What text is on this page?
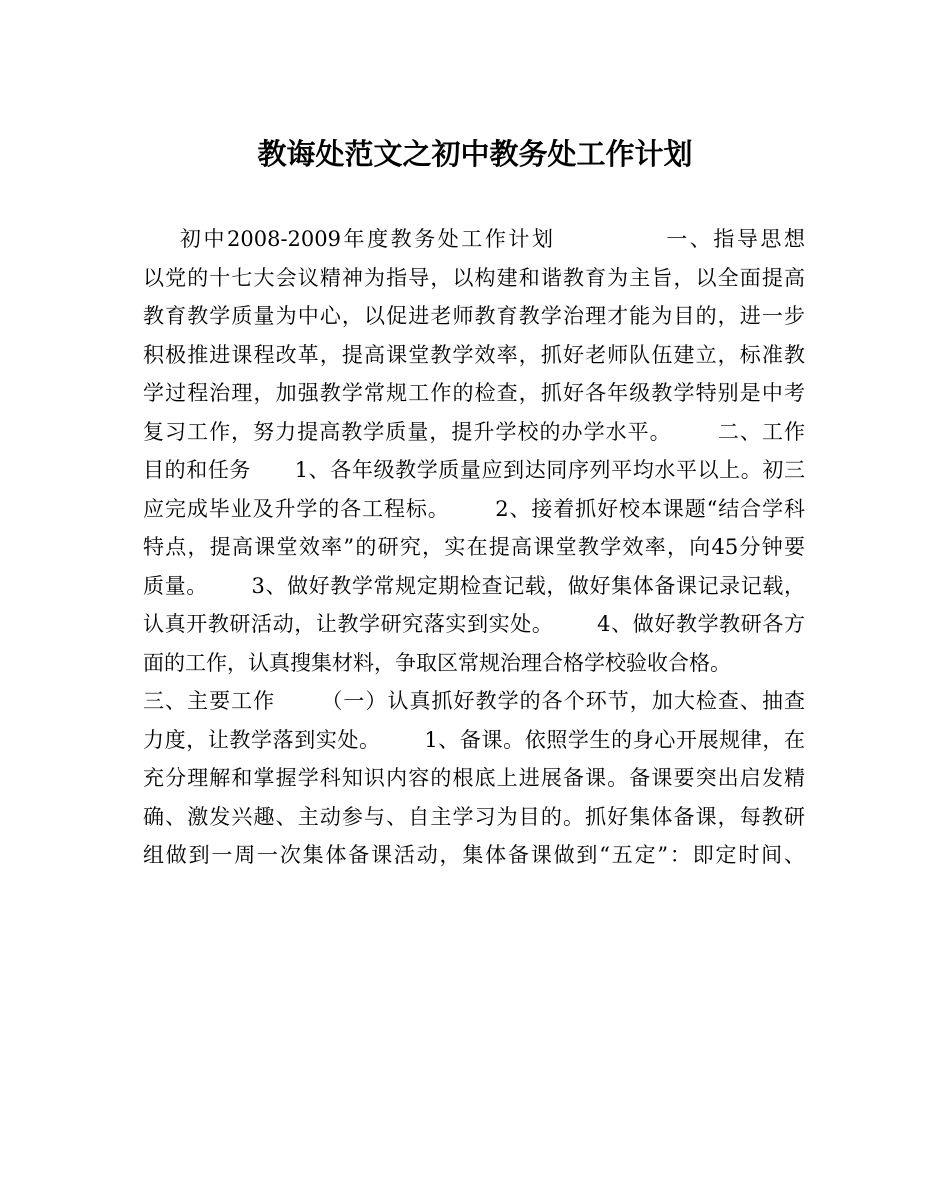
教诲处范文之初中教务处工作计划
初中2008-2009年度教务处工作计划            一、指导思想
以党的十七大会议精神为指导，以构建和谐教育为主旨，以全面提高
教育教学质量为中心，以促进老师教育教学治理才能为目的，进一步
积极推进课程改革，提高课堂教学效率，抓好老师队伍建立，标准教
学过程治理，加强教学常规工作的检查，抓好各年级教学特别是中考
复习工作，努力提高教学质量，提升学校的办学水平。      二、工作
目的和任务      1、各年级教学质量应到达同序列平均水平以上。初三
应完成毕业及升学的各工程标。      2、接着抓好校本课题“结合学科
特点，提高课堂效率”的研究，实在提高课堂教学效率，向45分钟要
质量。      3、做好教学常规定期检查记载，做好集体备课记录记载，
认真开教研活动，让教学研究落实到实处。      4、做好教学教研各方
面的工作，认真搜集材料，争取区常规治理合格学校验收合格。
三、主要工作      （一）认真抓好教学的各个环节，加大检查、抽查
力度，让教学落到实处。      1、备课。依照学生的身心开展规律，在
充分理解和掌握学科知识内容的根底上进展备课。备课要突出启发精
确、激发兴趣、主动参与、自主学习为目的。抓好集体备课，每教研
组做到一周一次集体备课活动，集体备课做到“五定”：即定时间、
